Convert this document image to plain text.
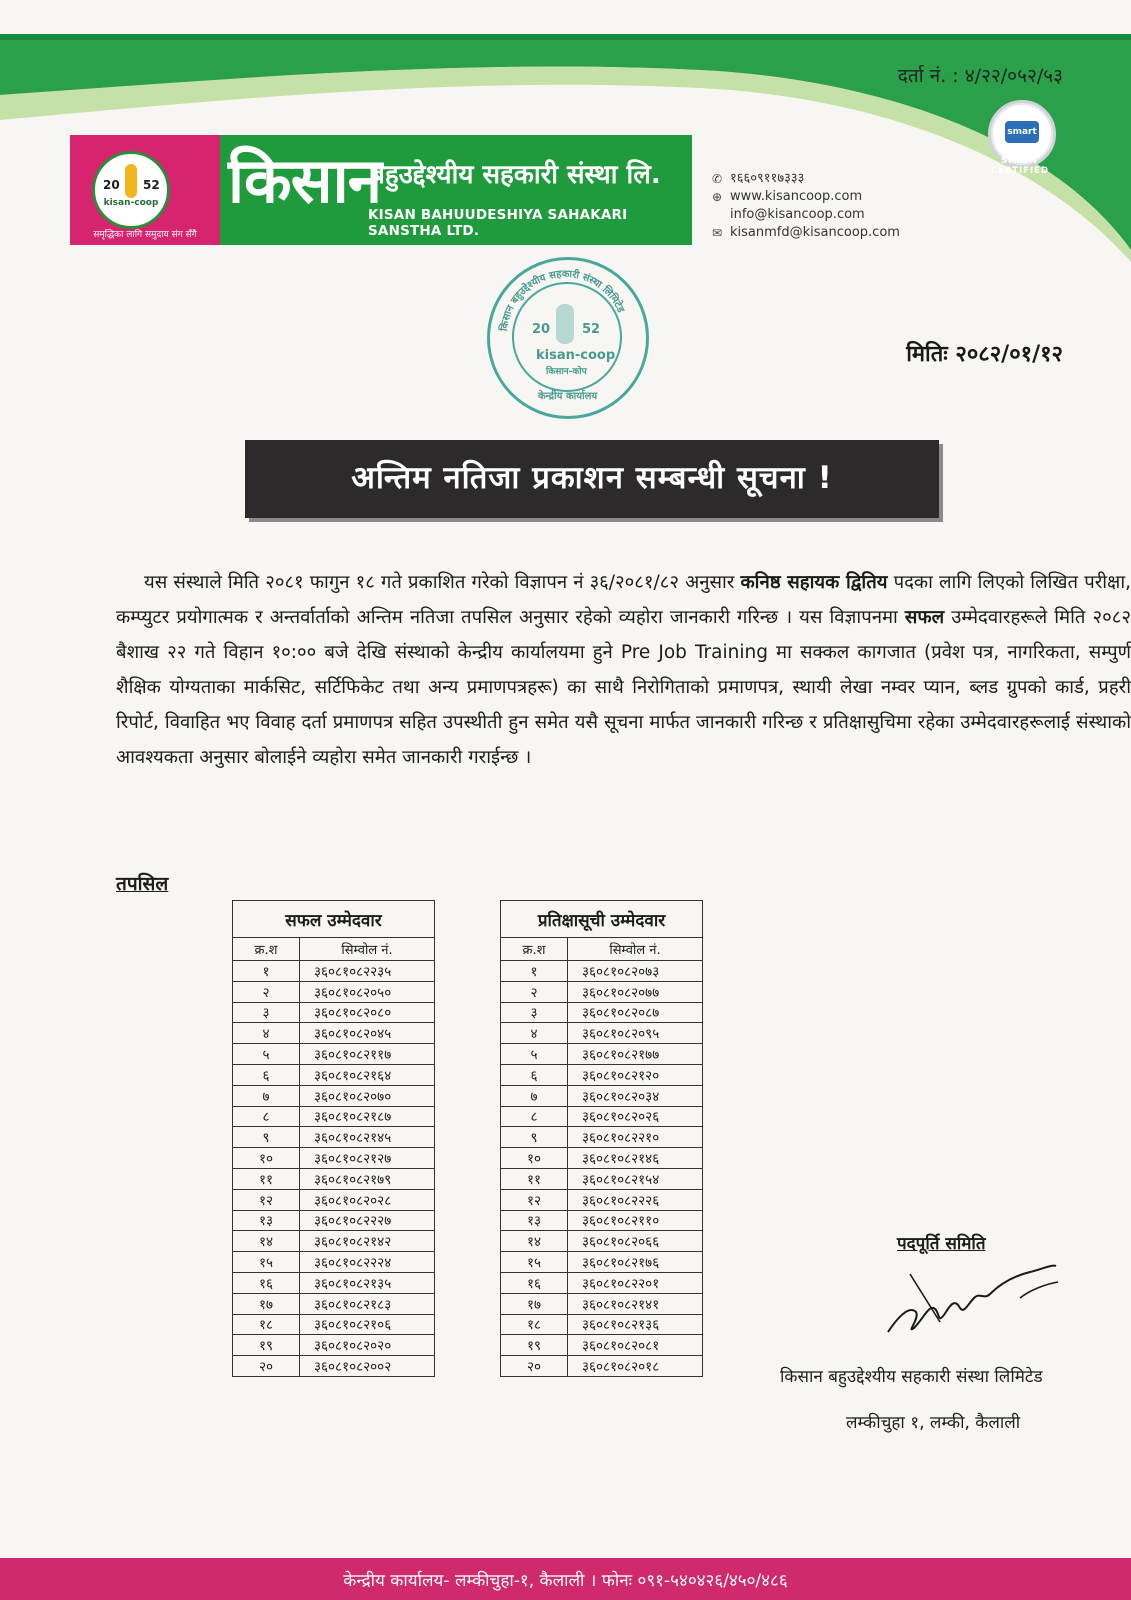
दर्ता नं. : ४/२२/०५२/५३
smart
SMART CERTIFIED
20 52
kisan-coop
समृद्धिका लागि समुदाय संग सँगै
किसान
बहुउद्देश्यीय सहकारी संस्था लि.
KISAN BAHUUDESHIYA SAHAKARI SANSTHA LTD.
✆ १६६०९११७३३३
⊕ www.kisancoop.com
info@kisancoop.com
✉ kisanmfd@kisancoop.com
किसान बहुउद्देश्यीय सहकारी संस्था लिमिटेड
20 52
kisan-coop
किसान-कोप
केन्द्रीय कार्यालय
मितिः २०८२/०१/१२
अन्तिम नतिजा प्रकाशन सम्बन्धी सूचना !

यस संस्थाले मिति २०८१ फागुन १८ गते प्रकाशित गरेको विज्ञापन नं ३६/२०८१/८२ अनुसार कनिष्ठ सहायक द्वितिय पदका लागि लिएको लिखित परीक्षा, कम्प्युटर प्रयोगात्मक र अन्तर्वार्ताको अन्तिम नतिजा तपसिल अनुसार रहेको व्यहोरा जानकारी गरिन्छ । यस विज्ञापनमा सफल उम्मेदवारहरूले मिति २०८२ बैशाख २२ गते विहान १०:०० बजे देखि संस्थाको केन्द्रीय कार्यालयमा हुने Pre Job Training मा सक्कल कागजात (प्रवेश पत्र, नागरिकता, सम्पुर्ण शैक्षिक योग्यताका मार्कसिट, सर्टिफिकेट तथा अन्य प्रमाणपत्रहरू) का साथै निरोगिताको प्रमाणपत्र, स्थायी लेखा नम्वर प्यान, ब्लड ग्रुपको कार्ड, प्रहरी रिपोर्ट, विवाहित भए विवाह दर्ता प्रमाणपत्र सहित उपस्थीती हुन समेत यसै सूचना मार्फत जानकारी गरिन्छ र प्रतिक्षासुचिमा रहेका उम्मेदवारहरूलाई संस्थाको आवश्यकता अनुसार बोलाईने व्यहोरा समेत जानकारी गराईन्छ ।

तपसिल
सफल उम्मेदवार	
क्र.श	सिम्वोल नं.
१	३६०८१०८२२३५
२	३६०८१०८२०५०
३	३६०८१०८२०८०
४	३६०८१०८२०४५
५	३६०८१०८२११७
६	३६०८१०८२१६४
७	३६०८१०८२०७०
८	३६०८१०८२१८७
९	३६०८१०८२१४५
१०	३६०८१०८२१२७
११	३६०८१०८२१७९
१२	३६०८१०८२०२८
१३	३६०८१०८२२२७
१४	३६०८१०८२१४२
१५	३६०८१०८२२२४
१६	३६०८१०८२१३५
१७	३६०८१०८२१८३
१८	३६०८१०८२१०६
१९	३६०८१०८२०२०
२०	३६०८१०८२००२
प्रतिक्षासूची उम्मेदवार	
क्र.श	सिम्वोल नं.
१	३६०८१०८२०७३
२	३६०८१०८२०७७
३	३६०८१०८२०८७
४	३६०८१०८२०९५
५	३६०८१०८२१७७
६	३६०८१०८२१२०
७	३६०८१०८२०३४
८	३६०८१०८२०२६
९	३६०८१०८२२१०
१०	३६०८१०८२१४६
११	३६०८१०८२१५४
१२	३६०८१०८२२२६
१३	३६०८१०८२११०
१४	३६०८१०८२०६६
१५	३६०८१०८२१७६
१६	३६०८१०८२२०१
१७	३६०८१०८२१४१
१८	३६०८१०८२१३६
१९	३६०८१०८२०८१
२०	३६०८१०८२०१८
पदपूर्ति समिति
किसान बहुउद्देश्यीय सहकारी संस्था लिमिटेड
लम्कीचुहा १, लम्की, कैलाली
केन्द्रीय कार्यालय- लम्कीचुहा-१, कैलाली । फोनः ०९१-५४०४२६/४५०/४८६
